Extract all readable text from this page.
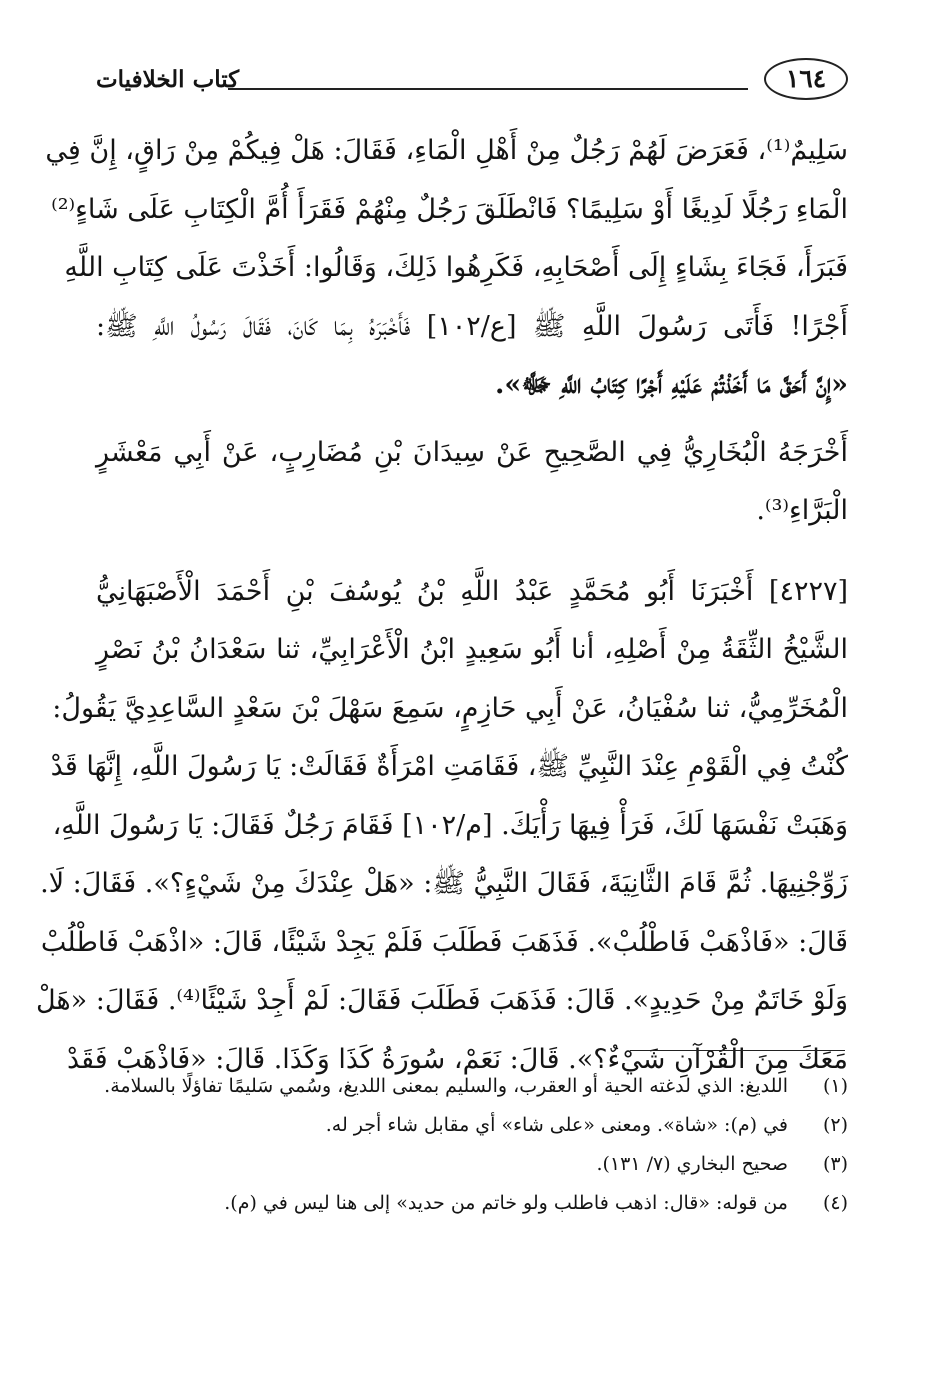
كتاب الخلافيات	١٦٤
سَلِيمٌ⁽¹⁾، فَعَرَضَ لَهُمْ رَجُلٌ مِنْ أَهْلِ الْمَاءِ، فَقَالَ: هَلْ فِيكُمْ مِنْ رَاقٍ، إِنَّ فِي
الْمَاءِ رَجُلًا لَدِيغًا أَوْ سَلِيمًا؟ فَانْطَلَقَ رَجُلٌ مِنْهُمْ فَقَرَأَ أُمَّ الْكِتَابِ عَلَى شَاءٍ⁽²⁾
فَبَرَأَ، فَجَاءَ بِشَاءٍ إِلَى أَصْحَابِهِ، فَكَرِهُوا ذَلِكَ، وَقَالُوا: أَخَذْتَ عَلَى كِتَابِ اللَّهِ
أَجْرًا! فَأَتَى رَسُولَ اللَّهِ ﷺ [ع/١٠٢] فَأَخْبَرَهُ بِمَا كَانَ، فَقَالَ رَسُولُ اللَّهِ ﷺ:
«إِنَّ أَحَقَّ مَا أَخَذْتُمْ عَلَيْهِ أَجْرًا كِتَابُ اللَّهِ ﷻ».
أَخْرَجَهُ الْبُخَارِيُّ فِي الصَّحِيحِ عَنْ سِيدَانَ بْنِ مُضَارِبٍ، عَنْ أَبِي مَعْشَرٍ
الْبَرَّاءِ⁽³⁾.
[٤٢٢٧] أَخْبَرَنَا أَبُو مُحَمَّدٍ عَبْدُ اللَّهِ بْنُ يُوسُفَ بْنِ أَحْمَدَ الْأَصْبَهَانِيُّ
الشَّيْخُ الثِّقَةُ مِنْ أَصْلِهِ، أنا أَبُو سَعِيدٍ ابْنُ الْأَعْرَابِيِّ، ثنا سَعْدَانُ بْنُ نَصْرٍ
الْمُخَرِّمِيُّ، ثنا سُفْيَانُ، عَنْ أَبِي حَازِمٍ، سَمِعَ سَهْلَ بْنَ سَعْدٍ السَّاعِدِيَّ يَقُولُ:
كُنْتُ فِي الْقَوْمِ عِنْدَ النَّبِيِّ ﷺ، فَقَامَتِ امْرَأَةٌ فَقَالَتْ: يَا رَسُولَ اللَّهِ، إِنَّهَا قَدْ
وَهَبَتْ نَفْسَهَا لَكَ، فَرَأْ فِيهَا رَأْيَكَ. [م/١٠٢] فَقَامَ رَجُلٌ فَقَالَ: يَا رَسُولَ اللَّهِ،
زَوِّجْنِيهَا. ثُمَّ قَامَ الثَّانِيَةَ، فَقَالَ النَّبِيُّ ﷺ: «هَلْ عِنْدَكَ مِنْ شَيْءٍ؟». فَقَالَ: لَا.
قَالَ: «فَاذْهَبْ فَاطْلُبْ». فَذَهَبَ فَطَلَبَ فَلَمْ يَجِدْ شَيْئًا، قَالَ: «اذْهَبْ فَاطْلُبْ
وَلَوْ خَاتَمٌ مِنْ حَدِيدٍ». قَالَ: فَذَهَبَ فَطَلَبَ فَقَالَ: لَمْ أَجِدْ شَيْئًا⁽⁴⁾. فَقَالَ: «هَلْ
مَعَكَ مِنَ الْقُرْآنِ شَيْءٌ؟». قَالَ: نَعَمْ، سُورَةُ كَذَا وَكَذَا. قَالَ: «فَاذْهَبْ فَقَدْ
(١)
اللديغ: الذي لدغته الحية أو العقرب، والسليم بمعنى اللديغ، وسُمي سَليمًا تفاؤلًا بالسلامة.
(٢)
في (م): «شاة». ومعنى «على شاء» أي مقابل شاء أجر له.
(٣)
صحيح البخاري (٧/ ١٣١).
(٤)
من قوله: «قال: اذهب فاطلب ولو خاتم من حديد» إلى هنا ليس في (م).
